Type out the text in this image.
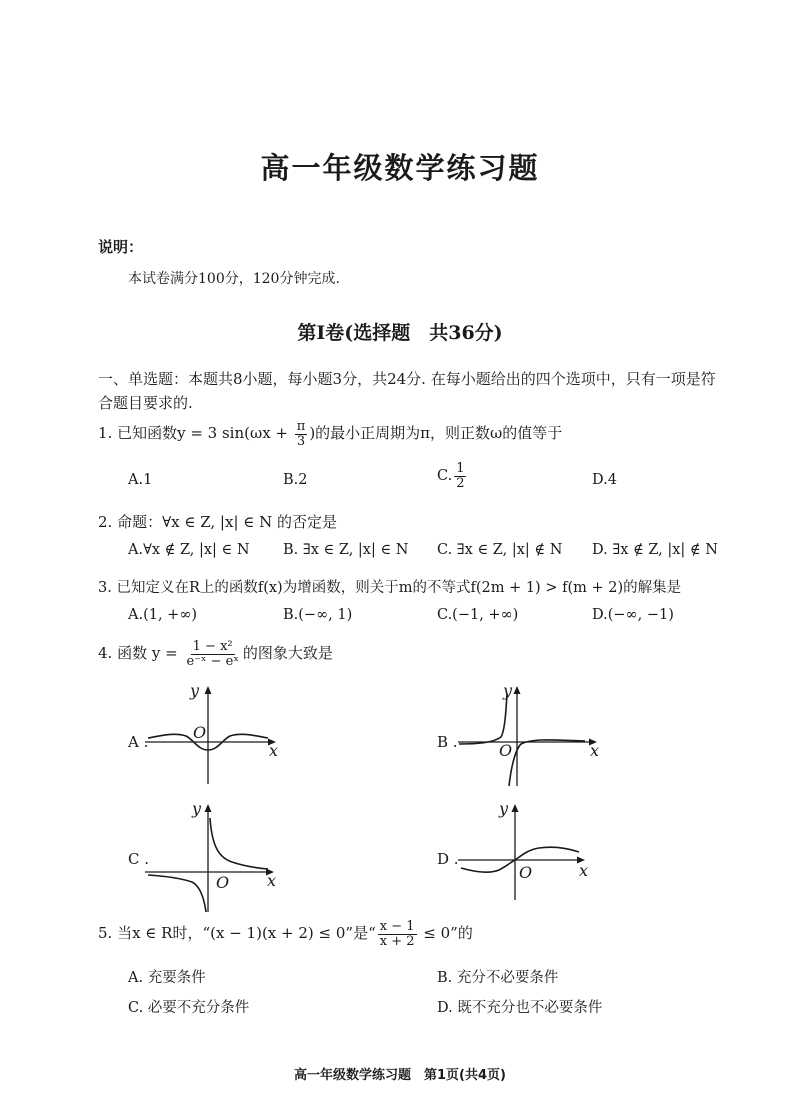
高一年级数学练习题
说明：
本试卷满分100分，120分钟完成.
第Ⅰ卷(选择题　共36分)
一、单选题：本题共8小题，每小题3分，共24分. 在每小题给出的四个选项中，只有一项是符
合题目要求的.
1. 已知函数y = 3 $\sin(\omega x + \frac{\pi}{3}$ )的最小正周期为π，则正数ω的值等于
A.1	B.2	C. $\frac{1}{2}$	D.4
2. 命题：∀x ∈ Z, |x| ∈ N 的否定是
A.∀x ∉ Z, |x| ∈ N B. ∃x ∈ Z, |x| ∈ N C. ∃x ∈ Z, |x| ∉ N D. ∃x ∉ Z, |x| ∉ N
3. 已知定义在R上的函数f(x)为增函数，则关于m的不等式f(2m + 1) > f(m + 2)的解集是
A.(1, +∞)	B.(−∞, 1)	C.(−1, +∞)	D.(−∞, −1)
4. 函数 $y = \frac{\text{1 − x²}}{\text{e⁻ˣ − eˣ}}$ 的图象大致是
A .
y
x
O	B .
y
x
O
C .
y
x
O
D .
y
x
O
5. 当x ∈ R时，“(x − 1)(x + 2) ≤ 0”是“ $\frac{x - 1}{x + 2} \le 0$”的
A. 充要条件	B. 充分不必要条件
C. 必要不充分条件	D. 既不充分也不必要条件
高一年级数学练习题　第1页(共4页)
